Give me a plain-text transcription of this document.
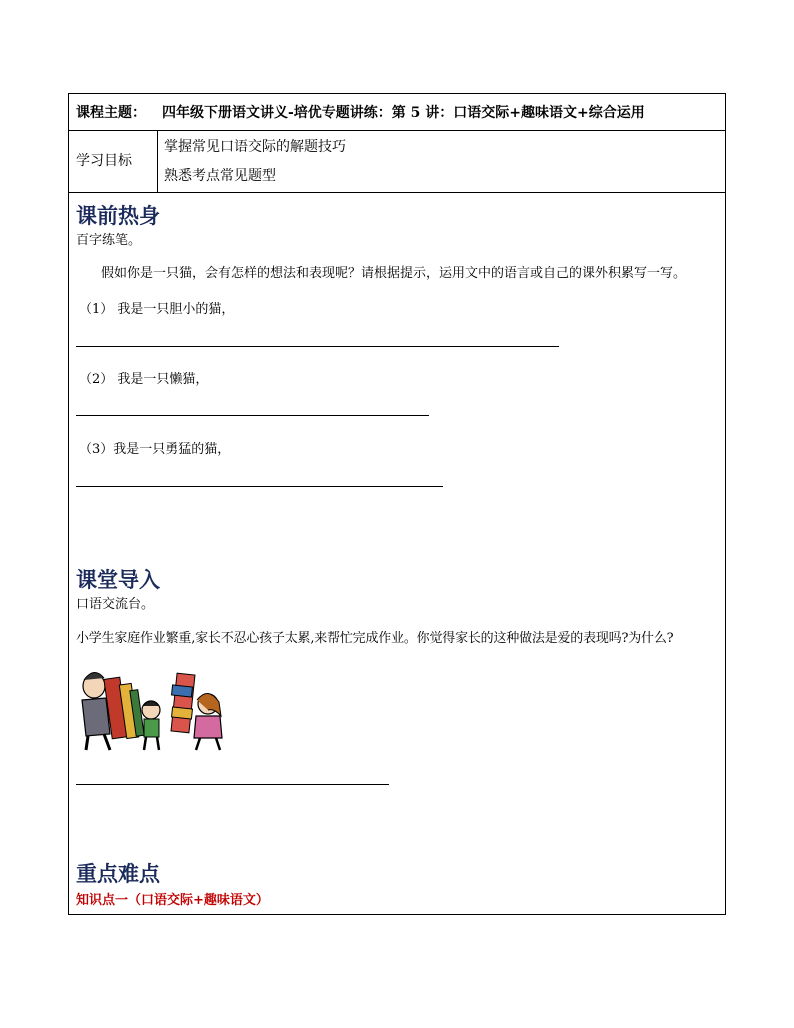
课程主题： 四年级下册语文讲义-培优专题讲练：第 5 讲：口语交际+趣味语文+综合运用
学习目标
掌握常见口语交际的解题技巧
熟悉考点常见题型
课前热身
百字练笔。
假如你是一只猫，会有怎样的想法和表现呢？请根据提示，运用文中的语言或自己的课外积累写一写。
（1） 我是一只胆小的猫，
（2） 我是一只懒猫，
（3）我是一只勇猛的猫，
课堂导入
口语交流台。
小学生家庭作业繁重,家长不忍心孩子太累,来帮忙完成作业。你觉得家长的这种做法是爱的表现吗?为什么?
重点难点
知识点一（口语交际+趣味语文）
